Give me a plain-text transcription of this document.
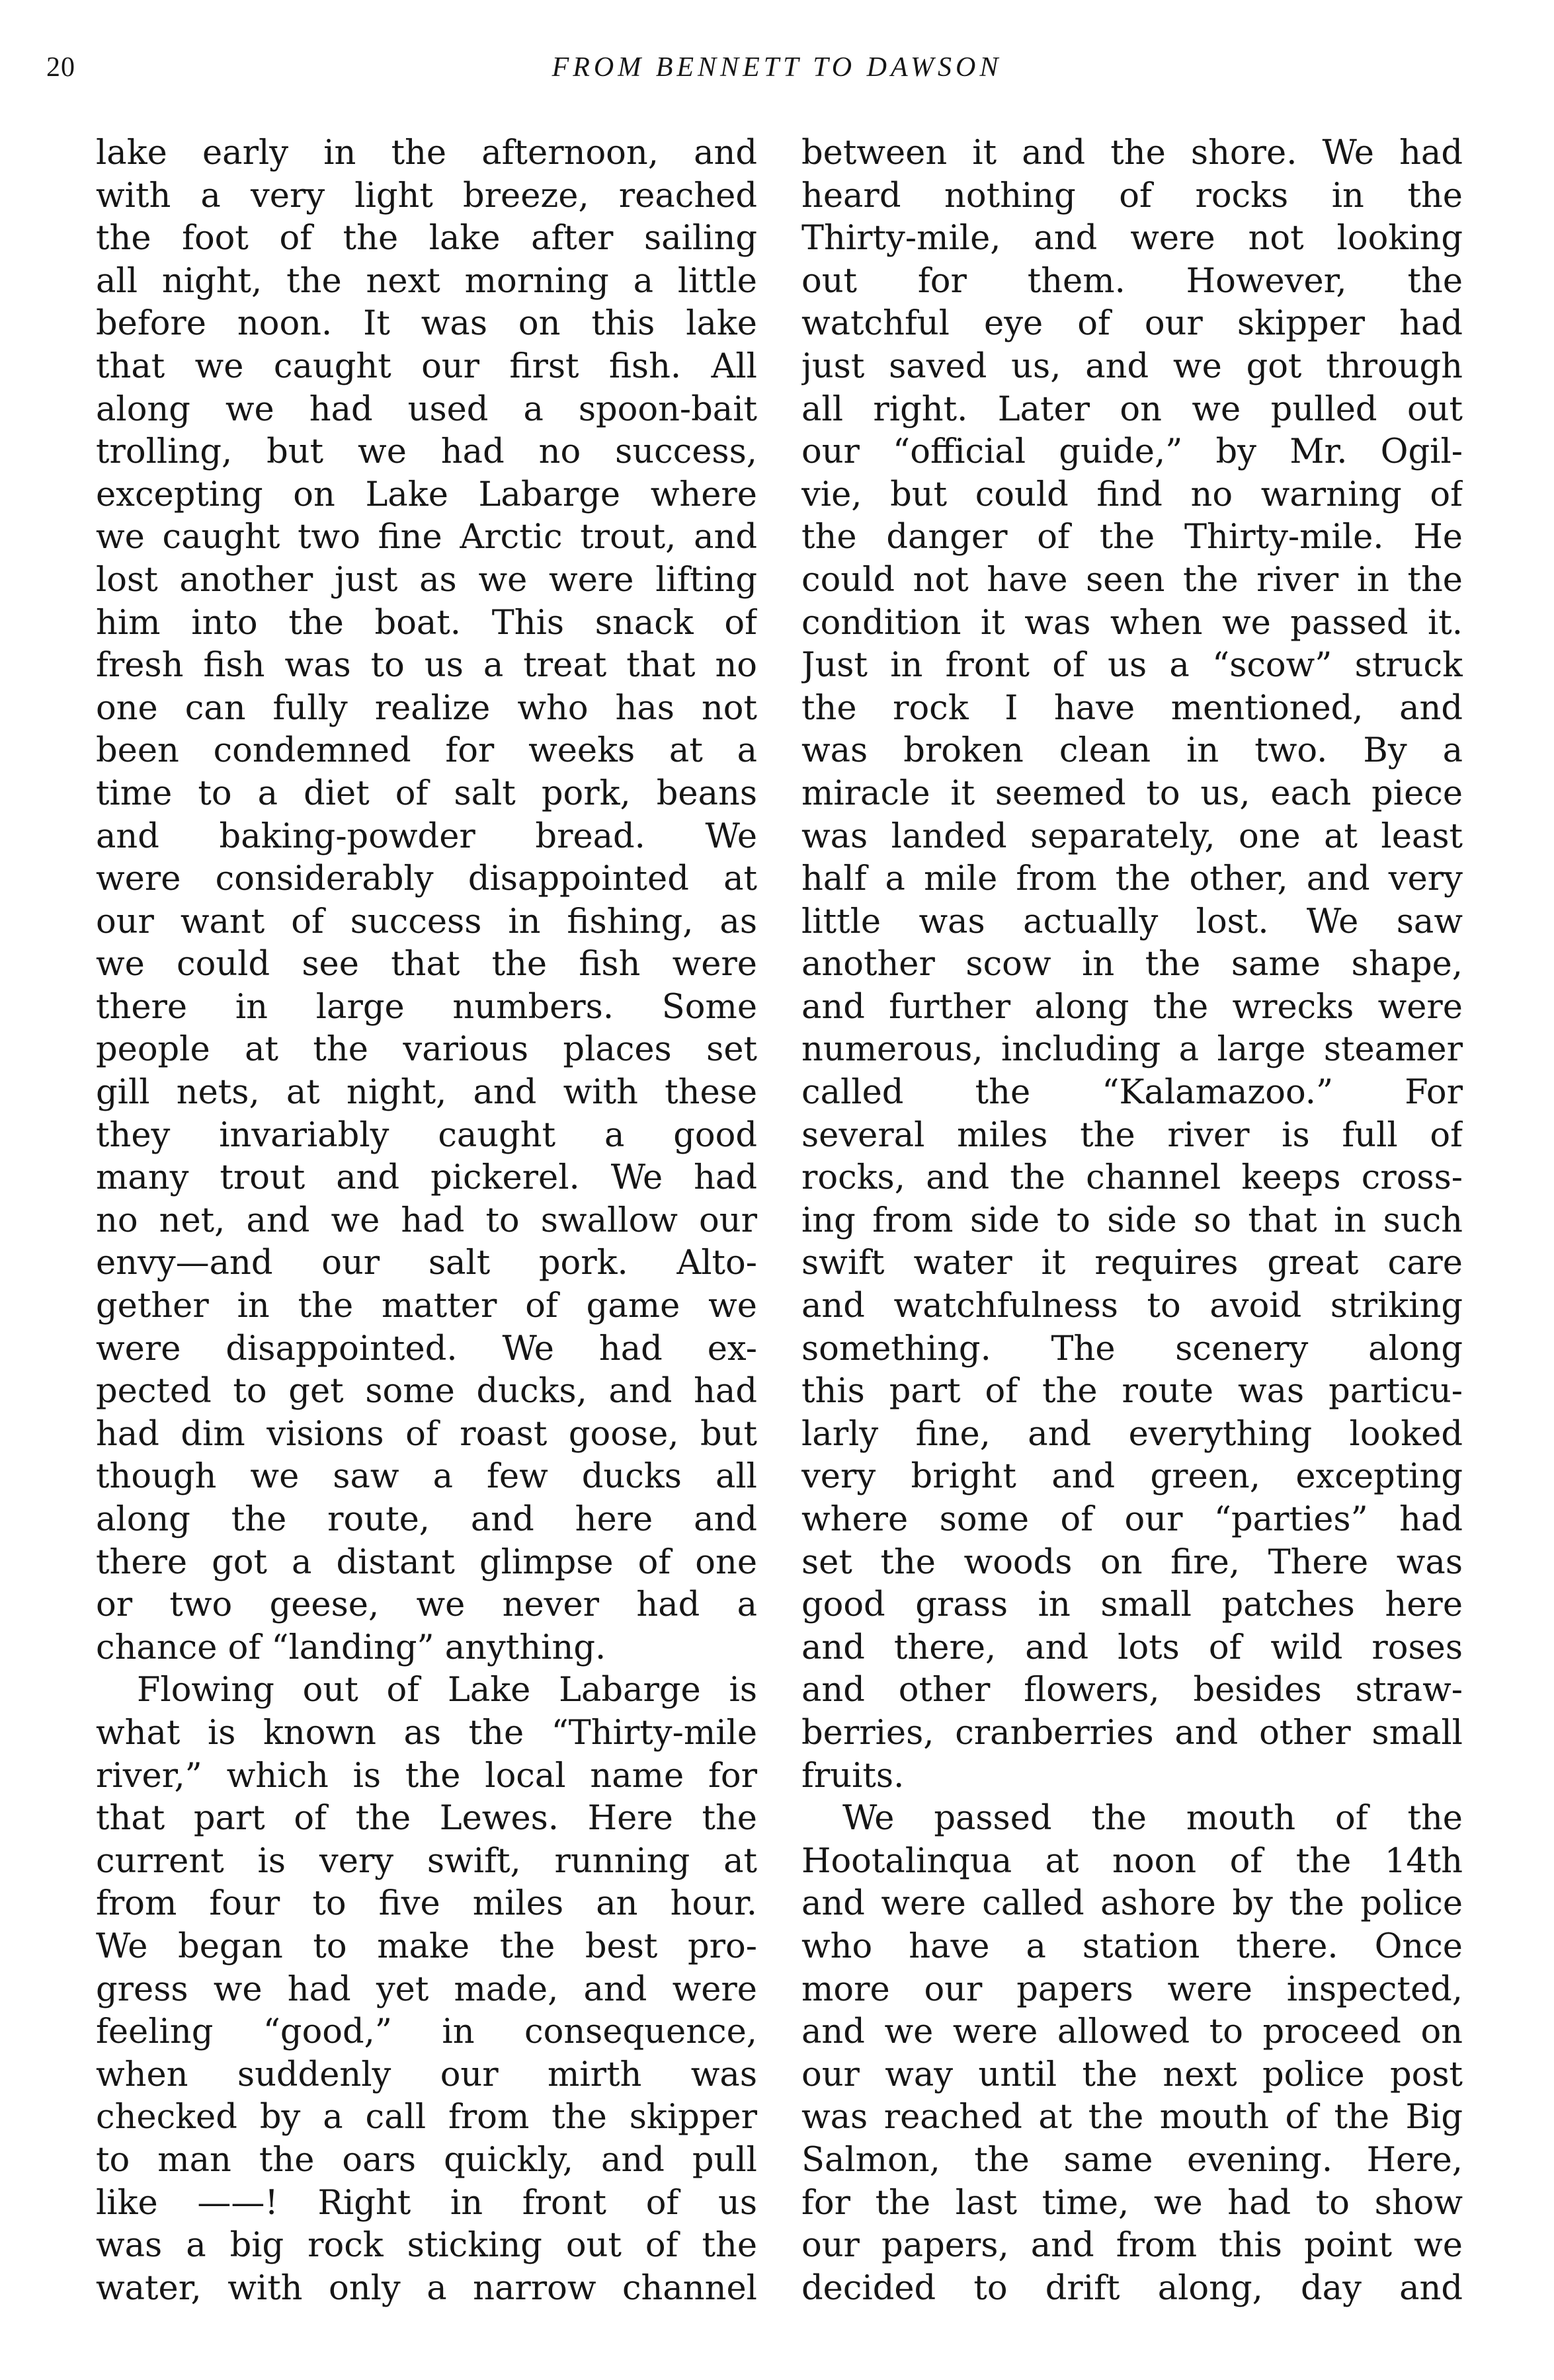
20	FROM BENNETT TO DAWSON
lake early in the afternoon, and
with a very light breeze, reached
the foot of the lake after sailing
all night, the next morning a little
before noon. It was on this lake
that we caught our first fish. All
along we had used a spoon-bait
trolling, but we had no success,
excepting on Lake Labarge where
we caught two fine Arctic trout, and
lost another just as we were lifting
him into the boat. This snack of
fresh fish was to us a treat that no
one can fully realize who has not
been condemned for weeks at a
time to a diet of salt pork, beans
and baking-powder bread. We
were considerably disappointed at
our want of success in fishing, as
we could see that the fish were
there in large numbers. Some
people at the various places set
gill nets, at night, and with these
they invariably caught a good
many trout and pickerel. We had
no net, and we had to swallow our
envy—and our salt pork. Alto-
gether in the matter of game we
were disappointed. We had ex-
pected to get some ducks, and had
had dim visions of roast goose, but
though we saw a few ducks all
along the route, and here and
there got a distant glimpse of one
or two geese, we never had a
chance of “landing” anything.
Flowing out of Lake Labarge is
what is known as the “Thirty-mile
river,” which is the local name for
that part of the Lewes. Here the
current is very swift, running at
from four to five miles an hour.
We began to make the best pro-
gress we had yet made, and were
feeling “good,” in consequence,
when suddenly our mirth was
checked by a call from the skipper
to man the oars quickly, and pull
like ——! Right in front of us
was a big rock sticking out of the
water, with only a narrow channel
between it and the shore. We had
heard nothing of rocks in the
Thirty-mile, and were not looking
out for them. However, the
watchful eye of our skipper had
just saved us, and we got through
all right. Later on we pulled out
our “official guide,” by Mr. Ogil-
vie, but could find no warning of
the danger of the Thirty-mile. He
could not have seen the river in the
condition it was when we passed it.
Just in front of us a “scow” struck
the rock I have mentioned, and
was broken clean in two. By a
miracle it seemed to us, each piece
was landed separately, one at least
half a mile from the other, and very
little was actually lost. We saw
another scow in the same shape,
and further along the wrecks were
numerous, including a large steamer
called the “Kalamazoo.” For
several miles the river is full of
rocks, and the channel keeps cross-
ing from side to side so that in such
swift water it requires great care
and watchfulness to avoid striking
something. The scenery along
this part of the route was particu-
larly fine, and everything looked
very bright and green, excepting
where some of our “parties” had
set the woods on fire, There was
good grass in small patches here
and there, and lots of wild roses
and other flowers, besides straw-
berries, cranberries and other small
fruits.
We passed the mouth of the
Hootalinqua at noon of the 14th
and were called ashore by the police
who have a station there. Once
more our papers were inspected,
and we were allowed to proceed on
our way until the next police post
was reached at the mouth of the Big
Salmon, the same evening. Here,
for the last time, we had to show
our papers, and from this point we
decided to drift along, day and
